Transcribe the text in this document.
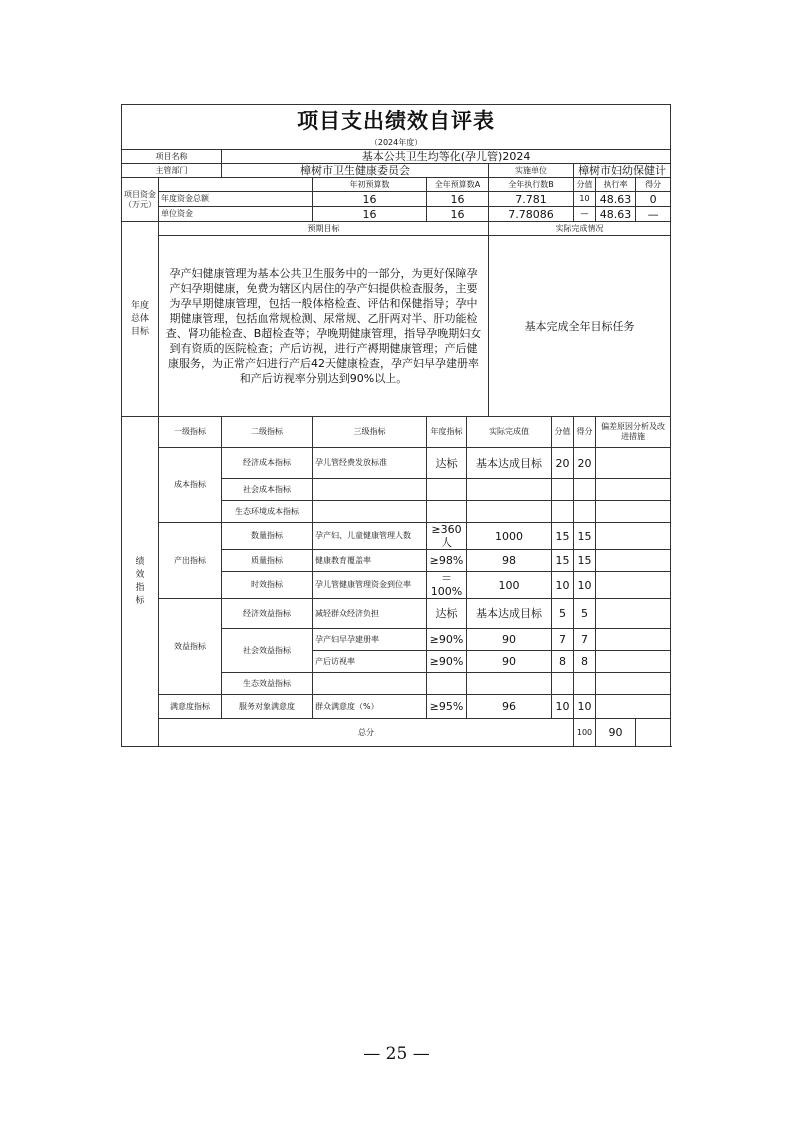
项目支出绩效自评表										
（2024年度）										
项目名称		基本公共卫生均等化(孕儿管)2024								
主管部门		樟树市卫生健康委员会				实施单位		樟树市妇幼保健计		
项目资金（万元）			年初预算数	全年预算数A		全年执行数B		分值	执行率	得分
	年度资金总额		16	16		7.781		10	48.63	0
	单位资金		16	16		7.78086		—	48.63	—
年度总体目标	预期目标					实际完成情况				
	孕产妇健康管理为基本公共卫生服务中的一部分，为更好保障孕产妇孕期健康，免费为辖区内居住的孕产妇提供检查服务，主要为孕早期健康管理，包括一般体格检查、评估和保健指导；孕中期健康管理，包括血常规检测、尿常规、乙肝两对半、肝功能检查、肾功能检查、B超检查等；孕晚期健康管理，指导孕晚期妇女到有资质的医院检查；产后访视，进行产褥期健康管理；产后健康服务，为正常产妇进行产后42天健康检查，孕产妇早孕建册率和产后访视率分别达到90%以上。					基本完成全年目标任务				
绩效指标	一级指标	二级指标	三级指标	年度指标	实际完成值		分值	得分	偏差原因分析及改进措施	
	成本指标	经济成本指标	孕儿管经费发放标准	达标	基本达成目标		20	20		
		社会成本指标								
		生态环境成本指标								
	产出指标	数量指标	孕产妇、儿童健康管理人数	≥360人	1000		15	15		
		质量指标	健康教育覆盖率	≥98%	98		15	15		
		时效指标	孕儿管健康管理资金到位率	＝100%	100		10	10		
	效益指标	经济效益指标	减轻群众经济负担	达标	基本达成目标		5	5		
		社会效益指标	孕产妇早孕建册率	≥90%	90		7	7		
			产后访视率	≥90%	90		8	8		
		生态效益指标								
	满意度指标	服务对象满意度	群众满意度（%）	≥95%	96		10	10		
	总分							100	90	
— 25 —
